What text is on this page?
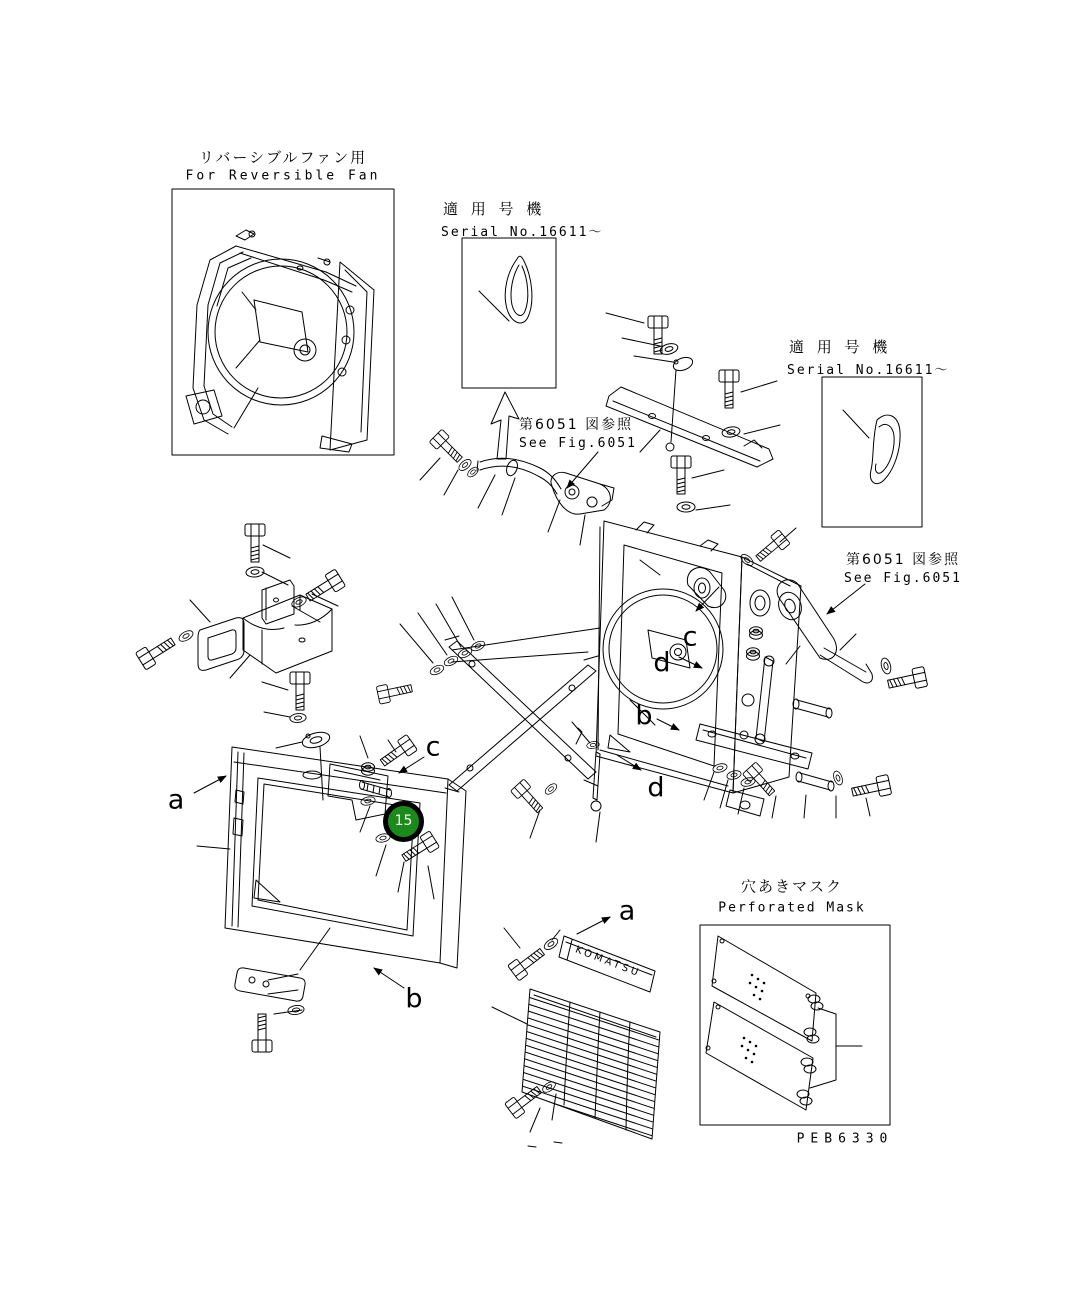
リバーシブルファン用
For Reversible Fan
適 用 号 機
Serial No.16611～
適 用 号 機
Serial No.16611～
第6051 図参照
See Fig.6051
第6051 図参照
See Fig.6051
穴あきマスク
Perforated Mask
PEB6330
KOMATSU
a
c
b
a
c
d
b
d
15
